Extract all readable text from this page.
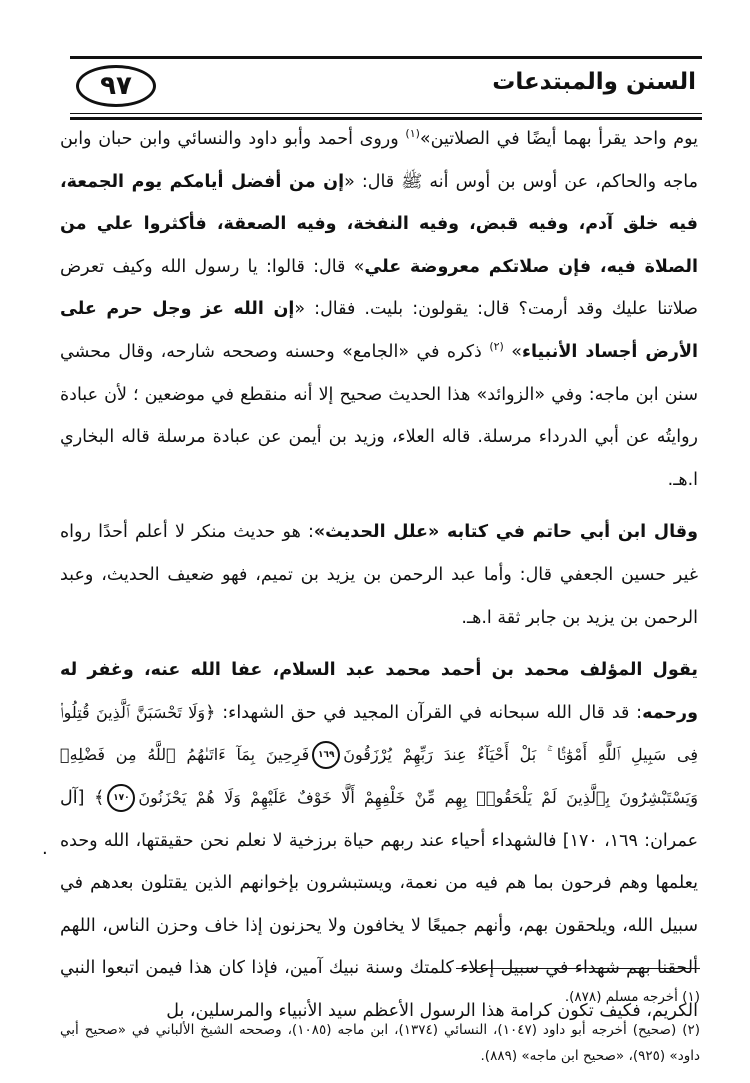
٩٧	السنن والمبتدعات

يوم واحد يقرأ بهما أيضًا في الصلاتين»$^{(١)}$ وروى أحمد وأبو داود والنسائي وابن حبان وابن ماجه والحاكم، عن أوس بن أوس أنه ﷺ قال: «إن من أفضل أيامكم يوم الجمعة، فيه خلق آدم، وفيه قبض، وفيه النفخة، وفيه الصعقة، فأكثروا علي من الصلاة فيه، فإن صلاتكم معروضة علي» قال: قالوا: يا رسول الله وكيف تعرض صلاتنا عليك وقد أرمت؟ قال: يقولون: بليت. فقال: «إن الله عز وجل حرم على الأرض أجساد الأنبياء» $^{(٢)}$ ذكره في «الجامع» وحسنه وصححه شارحه، وقال محشي سنن ابن ماجه: وفي «الزوائد» هذا الحديث صحيح إلا أنه منقطع في موضعين ؛ لأن عبادة روايتُه عن أبي الدرداء مرسلة. قاله العلاء، وزيد بن أيمن عن عبادة مرسلة قاله البخاري ا.هـ.

وقال ابن أبي حاتم في كتابه «علل الحديث»: هو حديث منكر لا أعلم أحدًا رواه غير حسين الجعفي قال: وأما عبد الرحمن بن يزيد بن تميم، فهو ضعيف الحديث، وعبد الرحمن بن يزيد بن جابر ثقة ا.هـ.

يقول المؤلف محمد بن أحمد محمد عبد السلام، عفا الله عنه، وغفر له ورحمه: قد قال الله سبحانه في القرآن المجيد في حق الشهداء: ﴿وَلَا تَحْسَبَنَّ ٱلَّذِينَ قُتِلُوا۟ فِى سَبِيلِ ٱللَّهِ أَمْوَٰتًۢا ۚ بَلْ أَحْيَآءٌ عِندَ رَبِّهِمْ يُرْزَقُونَ١٦٩فَرِحِينَ بِمَآ ءَاتَىٰهُمُ ٱللَّهُ مِن فَضْلِهِۦ وَيَسْتَبْشِرُونَ بِٱلَّذِينَ لَمْ يَلْحَقُوا۟ بِهِم مِّنْ خَلْفِهِمْ أَلَّا خَوْفٌ عَلَيْهِمْ وَلَا هُمْ يَحْزَنُونَ١٧٠﴾ [آل عمران: ١٦٩، ١٧٠] فالشهداء أحياء عند ربهم حياة برزخية لا نعلم نحن حقيقتها، الله وحده يعلمها وهم فرحون بما هم فيه من نعمة، ويستبشرون بإخوانهم الذين يقتلون بعدهم في سبيل الله، ويلحقون بهم، وأنهم جميعًا لا يخافون ولا يحزنون إذا خاف وحزن الناس، اللهم ألحقنا بهم شهداء في سبيل إعلاء كلمتك وسنة نبيك آمين، فإذا كان هذا فيمن اتبعوا النبي الكريم، فكيف تكون كرامة هذا الرسول الأعظم سيد الأنبياء والمرسلين، بل

.

(١) أخرجه مسلم (٨٧٨).

(٢) (صحيح) أخرجه أبو داود (١٠٤٧)، النسائي (١٣٧٤)، ابن ماجه (١٠٨٥)، وصححه الشيخ الألباني في «صحيح أبي داود» (٩٢٥)، «صحيح ابن ماجه» (٨٨٩).
